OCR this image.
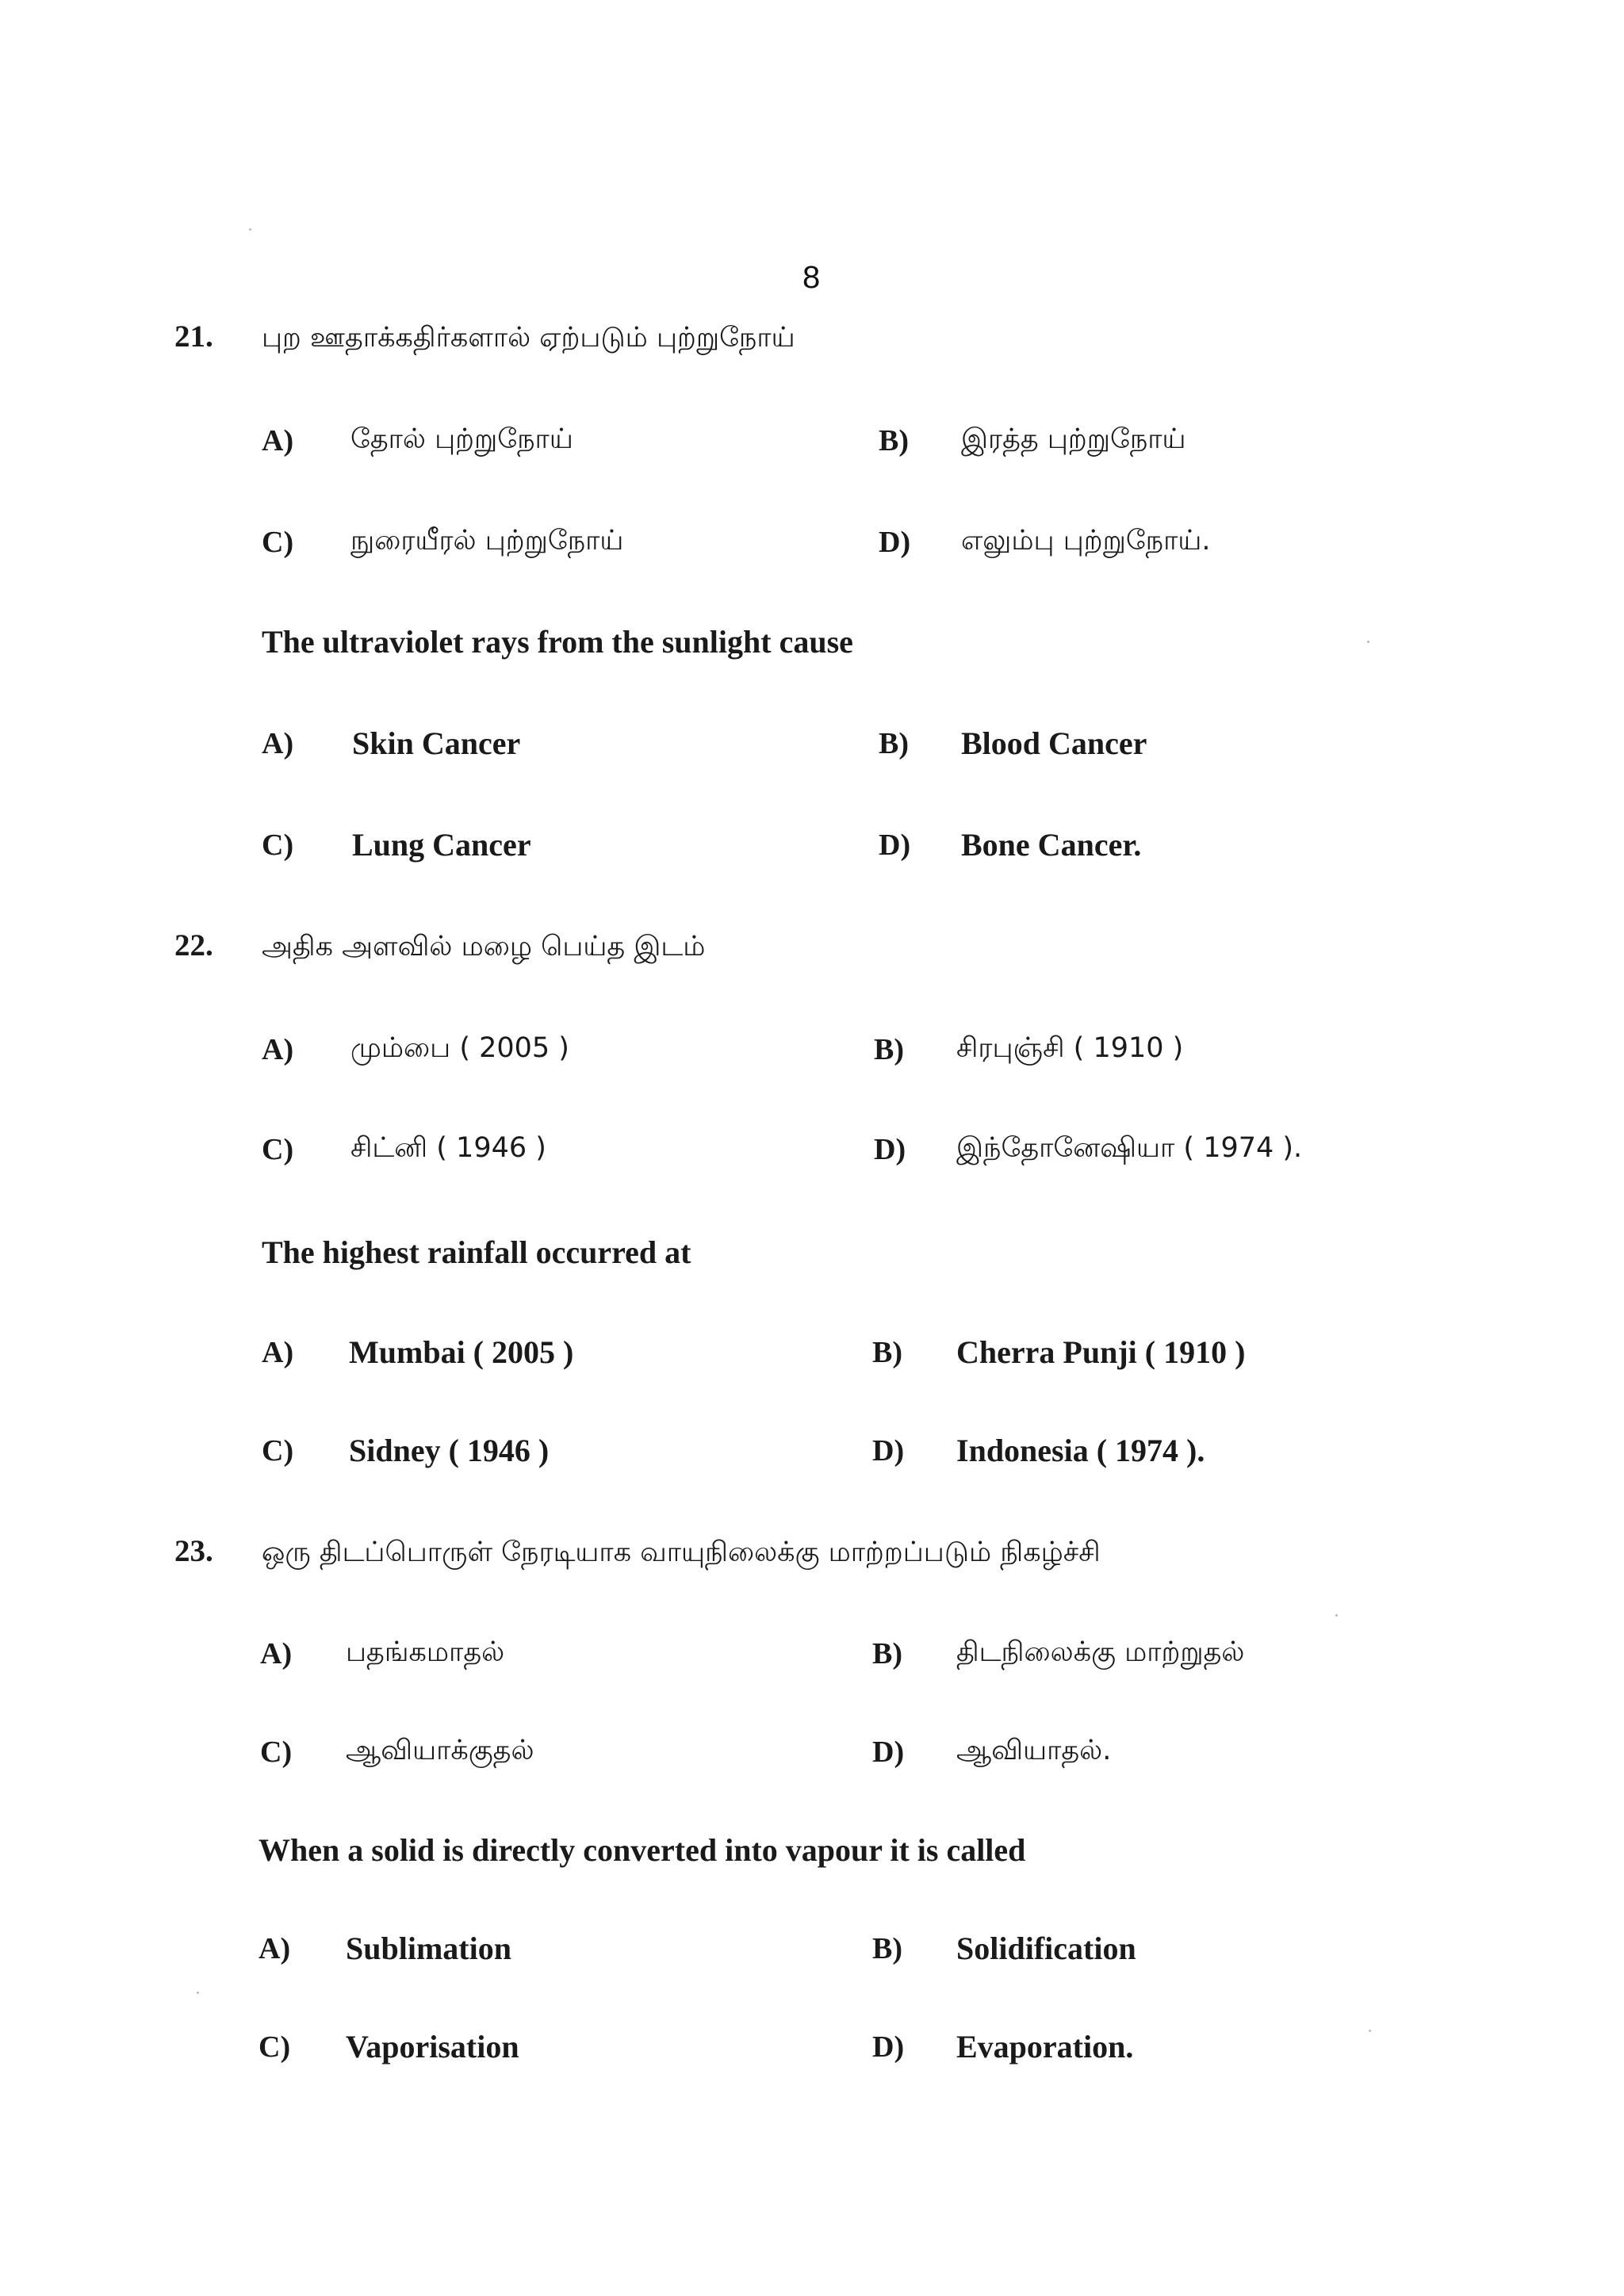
8
21. புற ஊதாக்கதிர்களால் ஏற்படும் புற்றுநோய்
A) தோல் புற்றுநோய்	B) இரத்த புற்றுநோய்
C) நுரையீரல் புற்றுநோய்	D) எலும்பு புற்றுநோய்.
The ultraviolet rays from the sunlight cause
A) Skin Cancer	B) Blood Cancer
C) Lung Cancer	D) Bone Cancer.
22. அதிக அளவில் மழை பெய்த இடம்
A) மும்பை ( 2005 )	B) சிரபுஞ்சி ( 1910 )
C) சிட்னி ( 1946 )	D) இந்தோனேஷியா ( 1974 ).
The highest rainfall occurred at
A) Mumbai ( 2005 )	B) Cherra Punji ( 1910 )
C) Sidney ( 1946 )	D) Indonesia ( 1974 ).
23. ஒரு திடப்பொருள் நேரடியாக வாயுநிலைக்கு மாற்றப்படும் நிகழ்ச்சி
A) பதங்கமாதல்	B) திடநிலைக்கு மாற்றுதல்
C) ஆவியாக்குதல்	D) ஆவியாதல்.
When a solid is directly converted into vapour it is called
A) Sublimation	B) Solidification
C) Vaporisation	D) Evaporation.
